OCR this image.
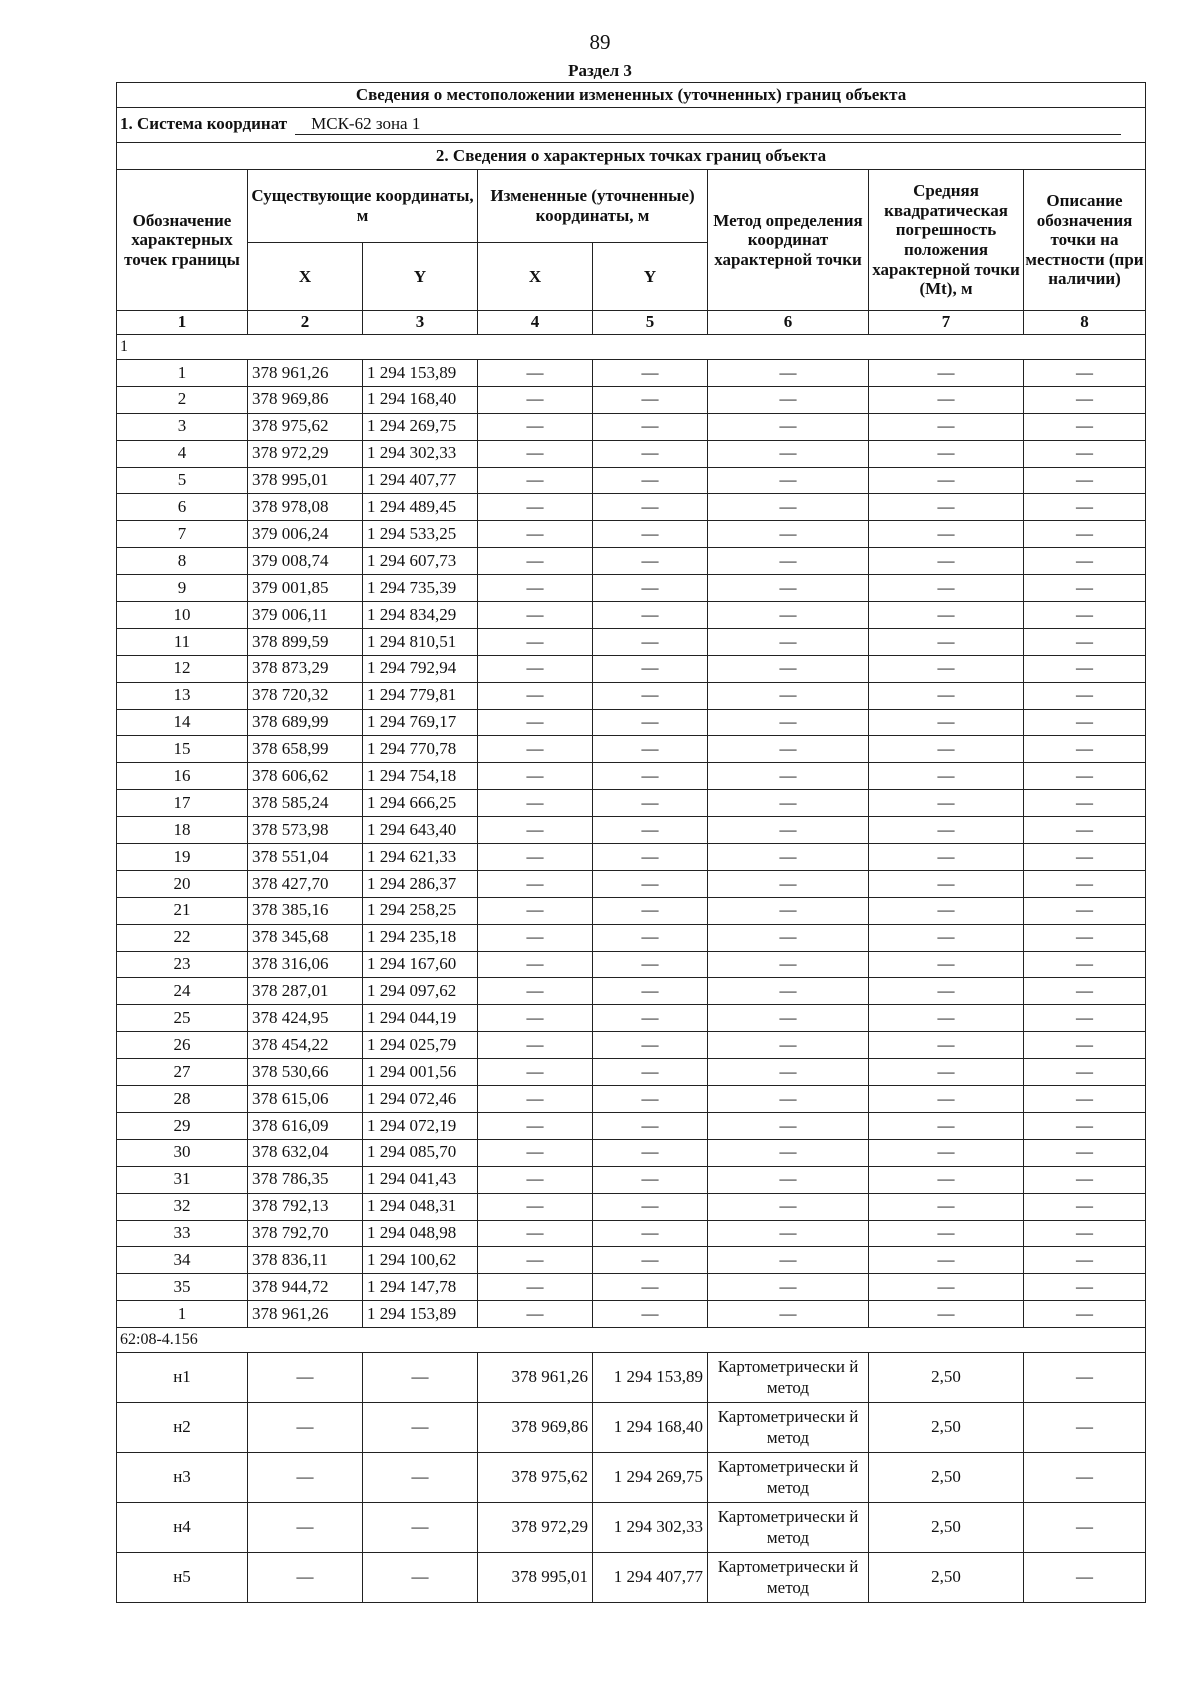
89
Раздел 3
Сведения о местоположении измененных (уточненных) границ объекта							
1. Система координат МСК-62 зона 1							
2. Сведения о характерных точках границ объекта							
Обозначение характерных точек границы	Существующие координаты, м		Измененные (уточненные) координаты, м		Метод определения координат характерной точки	Средняя квадратическая погрешность положения характерной точки (Mt), м	Описание обозначения точки на местности (при наличии)
	X	Y	X	Y			
1	2	3	4	5	6	7	8
1							
1	378 961,26	1 294 153,89	—	—	—	—	—
2	378 969,86	1 294 168,40	—	—	—	—	—
3	378 975,62	1 294 269,75	—	—	—	—	—
4	378 972,29	1 294 302,33	—	—	—	—	—
5	378 995,01	1 294 407,77	—	—	—	—	—
6	378 978,08	1 294 489,45	—	—	—	—	—
7	379 006,24	1 294 533,25	—	—	—	—	—
8	379 008,74	1 294 607,73	—	—	—	—	—
9	379 001,85	1 294 735,39	—	—	—	—	—
10	379 006,11	1 294 834,29	—	—	—	—	—
11	378 899,59	1 294 810,51	—	—	—	—	—
12	378 873,29	1 294 792,94	—	—	—	—	—
13	378 720,32	1 294 779,81	—	—	—	—	—
14	378 689,99	1 294 769,17	—	—	—	—	—
15	378 658,99	1 294 770,78	—	—	—	—	—
16	378 606,62	1 294 754,18	—	—	—	—	—
17	378 585,24	1 294 666,25	—	—	—	—	—
18	378 573,98	1 294 643,40	—	—	—	—	—
19	378 551,04	1 294 621,33	—	—	—	—	—
20	378 427,70	1 294 286,37	—	—	—	—	—
21	378 385,16	1 294 258,25	—	—	—	—	—
22	378 345,68	1 294 235,18	—	—	—	—	—
23	378 316,06	1 294 167,60	—	—	—	—	—
24	378 287,01	1 294 097,62	—	—	—	—	—
25	378 424,95	1 294 044,19	—	—	—	—	—
26	378 454,22	1 294 025,79	—	—	—	—	—
27	378 530,66	1 294 001,56	—	—	—	—	—
28	378 615,06	1 294 072,46	—	—	—	—	—
29	378 616,09	1 294 072,19	—	—	—	—	—
30	378 632,04	1 294 085,70	—	—	—	—	—
31	378 786,35	1 294 041,43	—	—	—	—	—
32	378 792,13	1 294 048,31	—	—	—	—	—
33	378 792,70	1 294 048,98	—	—	—	—	—
34	378 836,11	1 294 100,62	—	—	—	—	—
35	378 944,72	1 294 147,78	—	—	—	—	—
1	378 961,26	1 294 153,89	—	—	—	—	—
62:08-4.156							
н1	—	—	378 961,26	1 294 153,89	Картометрически й метод	2,50	—
н2	—	—	378 969,86	1 294 168,40	Картометрически й метод	2,50	—
н3	—	—	378 975,62	1 294 269,75	Картометрически й метод	2,50	—
н4	—	—	378 972,29	1 294 302,33	Картометрически й метод	2,50	—
н5	—	—	378 995,01	1 294 407,77	Картометрически й метод	2,50	—
